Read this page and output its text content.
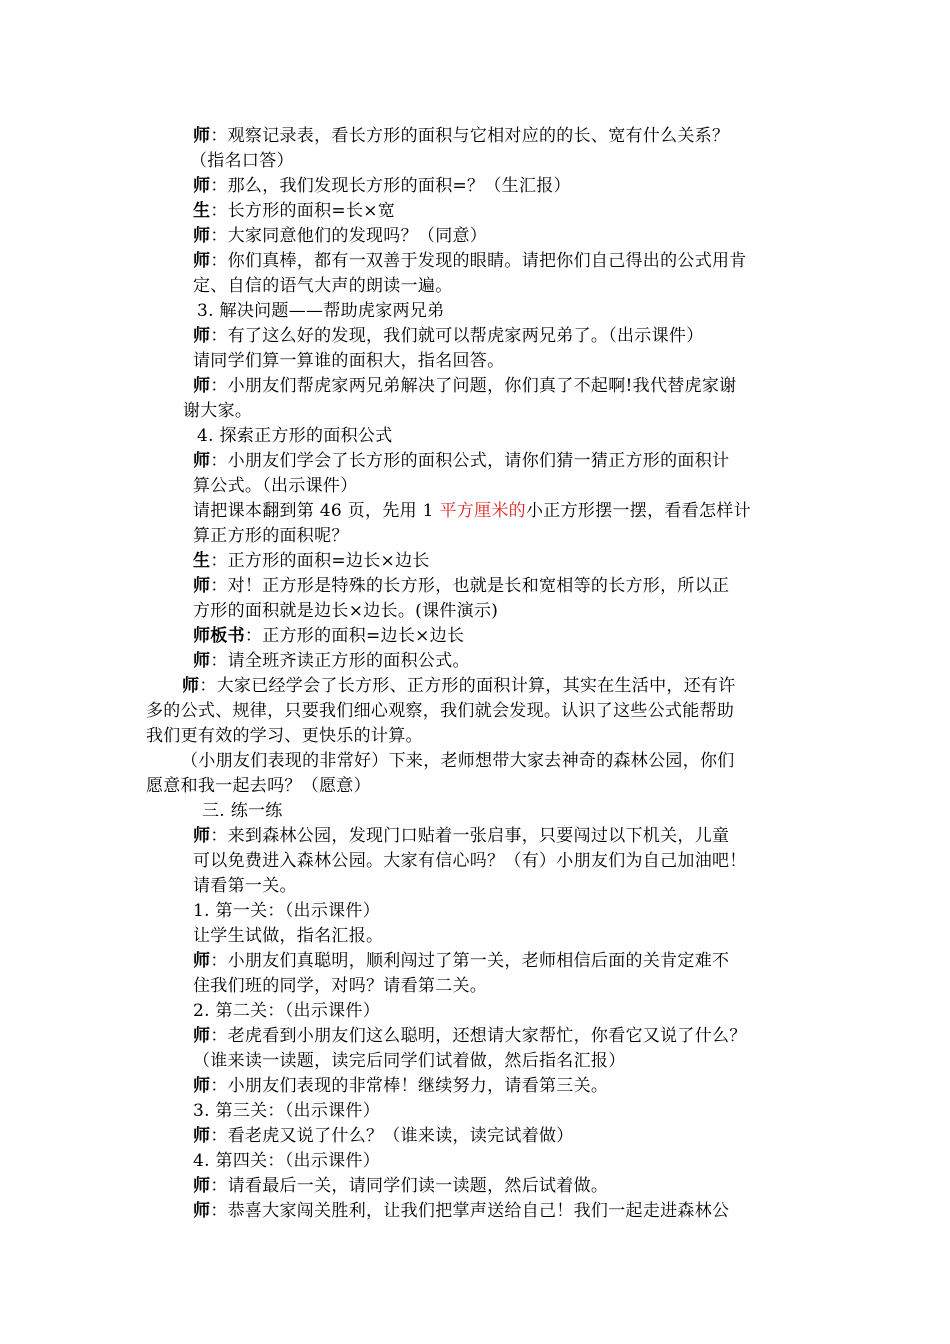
师：观察记录表，看长方形的面积与它相对应的的长、宽有什么关系？
（指名口答）
师：那么，我们发现长方形的面积=？（生汇报）
生：长方形的面积=长×宽
师：大家同意他们的发现吗？（同意）
师：你们真棒，都有一双善于发现的眼睛。请把你们自己得出的公式用肯
定、自信的语气大声的朗读一遍。
3. 解决问题——帮助虎家两兄弟
师：有了这么好的发现，我们就可以帮虎家两兄弟了。（出示课件）
请同学们算一算谁的面积大，指名回答。
师：小朋友们帮虎家两兄弟解决了问题，你们真了不起啊!我代替虎家谢
谢大家。
4. 探索正方形的面积公式
师：小朋友们学会了长方形的面积公式，请你们猜一猜正方形的面积计
算公式。（出示课件）
请把课本翻到第 46 页，先用 1 平方厘米的小正方形摆一摆，看看怎样计
算正方形的面积呢？
生：正方形的面积=边长×边长
师：对！正方形是特殊的长方形，也就是长和宽相等的长方形，所以正
方形的面积就是边长×边长。(课件演示)
师板书：正方形的面积=边长×边长
师：请全班齐读正方形的面积公式。
师：大家已经学会了长方形、正方形的面积计算，其实在生活中，还有许
多的公式、规律，只要我们细心观察，我们就会发现。认识了这些公式能帮助
我们更有效的学习、更快乐的计算。
（小朋友们表现的非常好）下来，老师想带大家去神奇的森林公园，你们
愿意和我一起去吗？（愿意）
三. 练一练
师：来到森林公园，发现门口贴着一张启事，只要闯过以下机关，儿童
可以免费进入森林公园。大家有信心吗？（有）小朋友们为自己加油吧！
请看第一关。
1. 第一关：（出示课件）
让学生试做，指名汇报。
师：小朋友们真聪明，顺利闯过了第一关，老师相信后面的关肯定难不
住我们班的同学，对吗？请看第二关。
2. 第二关：（出示课件）
师：老虎看到小朋友们这么聪明，还想请大家帮忙，你看它又说了什么？
（谁来读一读题，读完后同学们试着做，然后指名汇报）
师：小朋友们表现的非常棒！继续努力，请看第三关。
3. 第三关：（出示课件）
师：看老虎又说了什么？（谁来读，读完试着做）
4. 第四关：（出示课件）
师：请看最后一关，请同学们读一读题，然后试着做。
师：恭喜大家闯关胜利，让我们把掌声送给自己！我们一起走进森林公
